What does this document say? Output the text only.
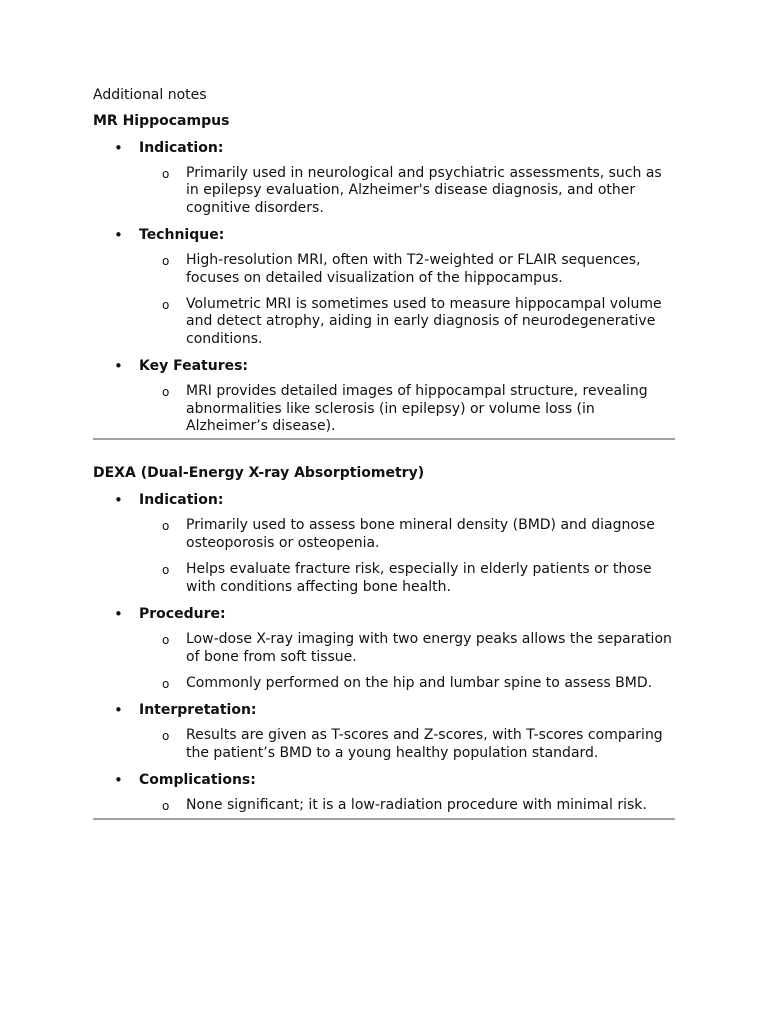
Additional notes
MR Hippocampus
• Indication:
o Primarily used in neurological and psychiatric assessments, such as in epilepsy evaluation, Alzheimer's disease diagnosis, and other cognitive disorders.
• Technique:
o High-resolution MRI, often with T2-weighted or FLAIR sequences, focuses on detailed visualization of the hippocampus.
o Volumetric MRI is sometimes used to measure hippocampal volume and detect atrophy, aiding in early diagnosis of neurodegenerative conditions.
• Key Features:
o MRI provides detailed images of hippocampal structure, revealing abnormalities like sclerosis (in epilepsy) or volume loss (in Alzheimer’s disease).
DEXA (Dual-Energy X-ray Absorptiometry)
• Indication:
o Primarily used to assess bone mineral density (BMD) and diagnose osteoporosis or osteopenia.
o Helps evaluate fracture risk, especially in elderly patients or those with conditions affecting bone health.
• Procedure:
o Low-dose X-ray imaging with two energy peaks allows the separation of bone from soft tissue.
o Commonly performed on the hip and lumbar spine to assess BMD.
• Interpretation:
o Results are given as T-scores and Z-scores, with T-scores comparing the patient’s BMD to a young healthy population standard.
• Complications:
o None significant; it is a low-radiation procedure with minimal risk.
